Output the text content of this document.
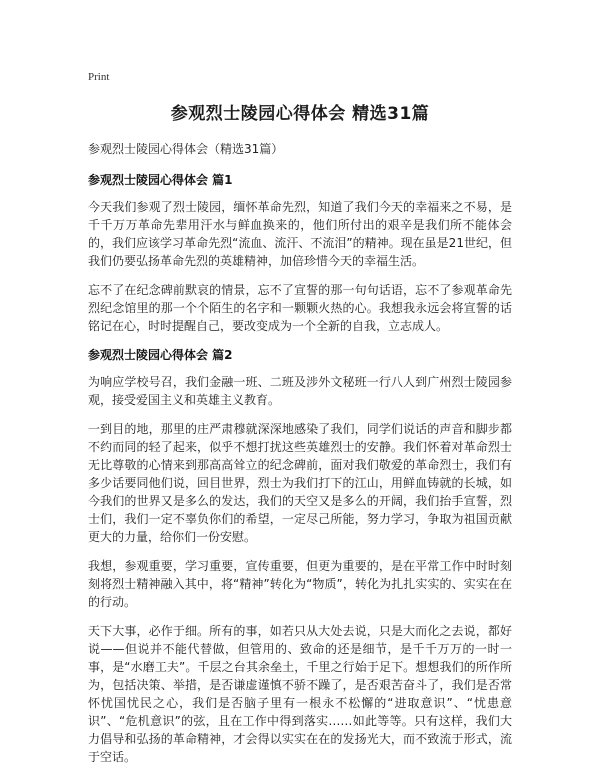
Print
参观烈士陵园心得体会 精选31篇
参观烈士陵园心得体会（精选31篇）
参观烈士陵园心得体会 篇1

今天我们参观了烈士陵园，缅怀革命先烈，知道了我们今天的幸福来之不易，是千千万万革命先辈用汗水与鲜血换来的，他们所付出的艰辛是我们所不能体会的，我们应该学习革命先烈“流血、流汗、不流泪”的精神。现在虽是21世纪，但我们仍要弘扬革命先烈的英雄精神，加倍珍惜今天的幸福生活。

忘不了在纪念碑前默哀的情景，忘不了宣誓的那一句句话语，忘不了参观革命先烈纪念馆里的那一个个陌生的名字和一颗颗火热的心。我想我永远会将宣誓的话铭记在心，时时提醒自己，要改变成为一个全新的自我，立志成人。

参观烈士陵园心得体会 篇2

为响应学校号召，我们金融一班、二班及涉外文秘班一行八人到广州烈士陵园参观，接受爱国主义和英雄主义教育。

一到目的地，那里的庄严肃穆就深深地感染了我们，同学们说话的声音和脚步都不约而同的轻了起来，似乎不想打扰这些英雄烈士的安静。我们怀着对革命烈士无比尊敬的心情来到那高高耸立的纪念碑前，面对我们敬爱的革命烈士，我们有多少话要同他们说，回目世界，烈士为我们打下的江山，用鲜血铸就的长城，如今我们的世界又是多么的发达，我们的天空又是多么的开阔，我们抬手宣誓，烈士们，我们一定不辜负你们的希望，一定尽己所能，努力学习，争取为祖国贡献更大的力量，给你们一份安慰。

我想，参观重要，学习重要，宣传重要，但更为重要的，是在平常工作中时时刻刻将烈士精神融入其中，将“精神”转化为“物质”，转化为扎扎实实的、实实在在的行动。

天下大事，必作于细。所有的事，如若只从大处去说，只是大而化之去说，都好说——但说并不能代替做，但管用的、致命的还是细节，是千千万万的一时一事，是“水磨工夫”。千层之台其余垒土，千里之行始于足下。想想我们的所作所为，包括决策、举措，是否谦虚谨慎不骄不躁了，是否艰苦奋斗了，我们是否常怀忧国忧民之心，我们是否脑子里有一根永不松懈的“进取意识”、“忧患意识”、“危机意识”的弦，且在工作中得到落实……如此等等。只有这样，我们大力倡导和弘扬的革命精神，才会得以实实在在的发扬光大，而不致流于形式，流于空话。
